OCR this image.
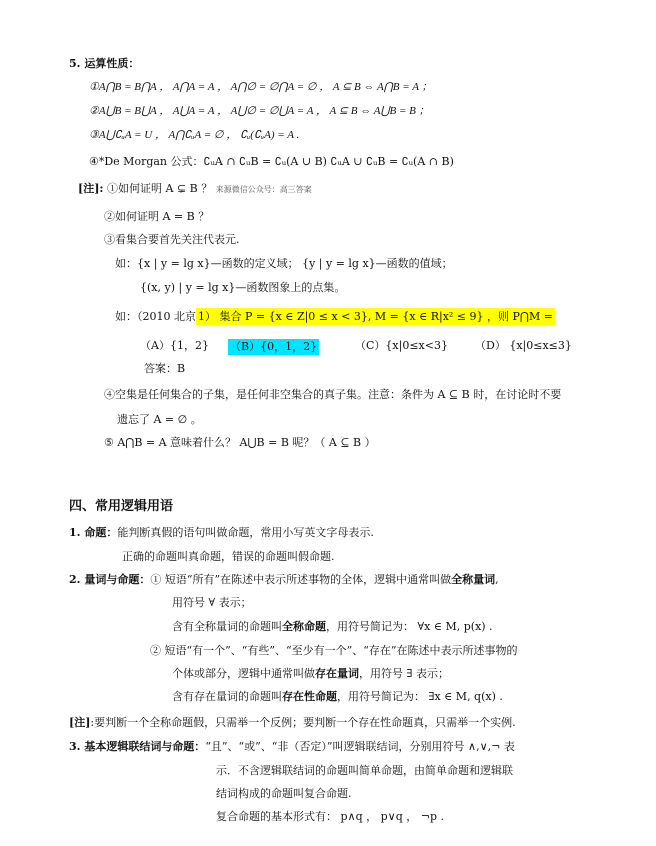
5. 运算性质：
①A⋂B = B⋂A ， A⋂A = A ， A⋂∅ = ∅⋂A = ∅ ， A ⊆ B ⇔ A⋂B = A ；
②A⋃B = B⋃A ， A⋃A = A ， A⋃∅ = ∅⋃A = A ， A ⊆ B ⇔ A⋃B = B ；
③A⋃∁ᵤA = U ， A⋂∁ᵤA = ∅ ， ∁ᵤ(∁ᵤA) = A .
④*De Morgan 公式：∁ᵤA ∩ ∁ᵤB = ∁ᵤ(A ∪ B) ∁ᵤA ∪ ∁ᵤB = ∁ᵤ(A ∩ B)
[注]: ①如何证明 A ⊊ B ？ 来源微信公众号：高三答案
②如何证明 A = B ？
③看集合要首先关注代表元.
如：{x | y = lg x}—函数的定义域； {y | y = lg x}—函数的值域；
{(x, y) | y = lg x}—函数图象上的点集。
如：（2010 北京 1） 集合 P = {x ∈ Z|0 ≤ x < 3}, M = {x ∈ R|x² ≤ 9} ，则 P⋂M =
（A）{1，2} （B）{0，1，2}	（C）{x|0≤x<3} （D） {x|0≤x≤3}
答案：B
④空集是任何集合的子集，是任何非空集合的真子集。注意：条件为 A ⊆ B 时，在讨论时不要
遗忘了 A = ∅ 。
⑤ A⋂B = A 意味着什么？ A⋃B = B 呢？（ A ⊆ B ）
四、常用逻辑用语
1. 命题：能判断真假的语句叫做命题，常用小写英文字母表示.
正确的命题叫真命题，错误的命题叫假命题.
2. 量词与命题：① 短语“所有”在陈述中表示所述事物的全体，逻辑中通常叫做全称量词,
用符号 ∀ 表示；
含有全称量词的命题叫全称命题，用符号简记为： ∀x ∈ M, p(x) .
② 短语“有一个”、“有些”、“至少有一个”、“存在”在陈述中表示所述事物的
个体或部分，逻辑中通常叫做存在量词，用符号 ∃ 表示；
含有存在量词的命题叫存在性命题，用符号简记为： ∃x ∈ M, q(x) .
[注]:要判断一个全称命题假，只需举一个反例；要判断一个存在性命题真，只需举一个实例.
3. 基本逻辑联结词与命题：“且”、“或”、“非（否定）”叫逻辑联结词，分别用符号 ∧,∨,¬ 表
示．不含逻辑联结词的命题叫简单命题，由简单命题和逻辑联
结词构成的命题叫复合命题.
复合命题的基本形式有： p∧q ， p∨q ， ¬p .
